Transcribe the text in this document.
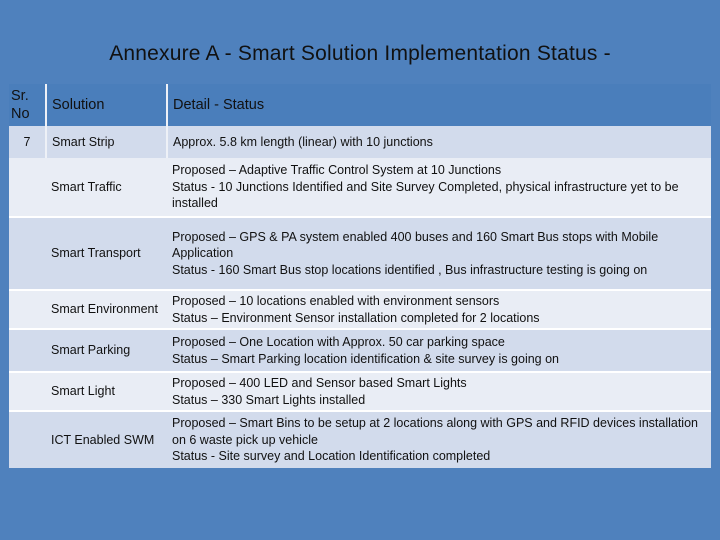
Annexure A - Smart Solution Implementation Status -
Sr. No	Solution	Detail - Status
7	Smart Strip	Approx. 5.8 km length (linear) with 10 junctions
	Smart Traffic	Proposed – Adaptive Traffic Control System at 10 Junctions
Status - 10 Junctions Identified and Site Survey Completed, physical infrastructure yet to be installed
	Smart Transport	Proposed – GPS & PA system enabled 400 buses and 160 Smart Bus stops with Mobile Application
Status - 160 Smart Bus stop locations identified , Bus infrastructure testing is going on
	Smart Environment	Proposed – 10 locations enabled with environment sensors
Status – Environment Sensor installation completed for 2 locations
	Smart Parking	Proposed – One Location with Approx. 50 car parking space
Status – Smart Parking location identification & site survey is going on
	Smart Light	Proposed – 400 LED and Sensor based Smart Lights
Status – 330 Smart Lights installed
	ICT Enabled SWM	Proposed – Smart Bins to be setup at 2 locations along with GPS and RFID devices installation on 6 waste pick up vehicle
Status - Site survey and Location Identification completed
